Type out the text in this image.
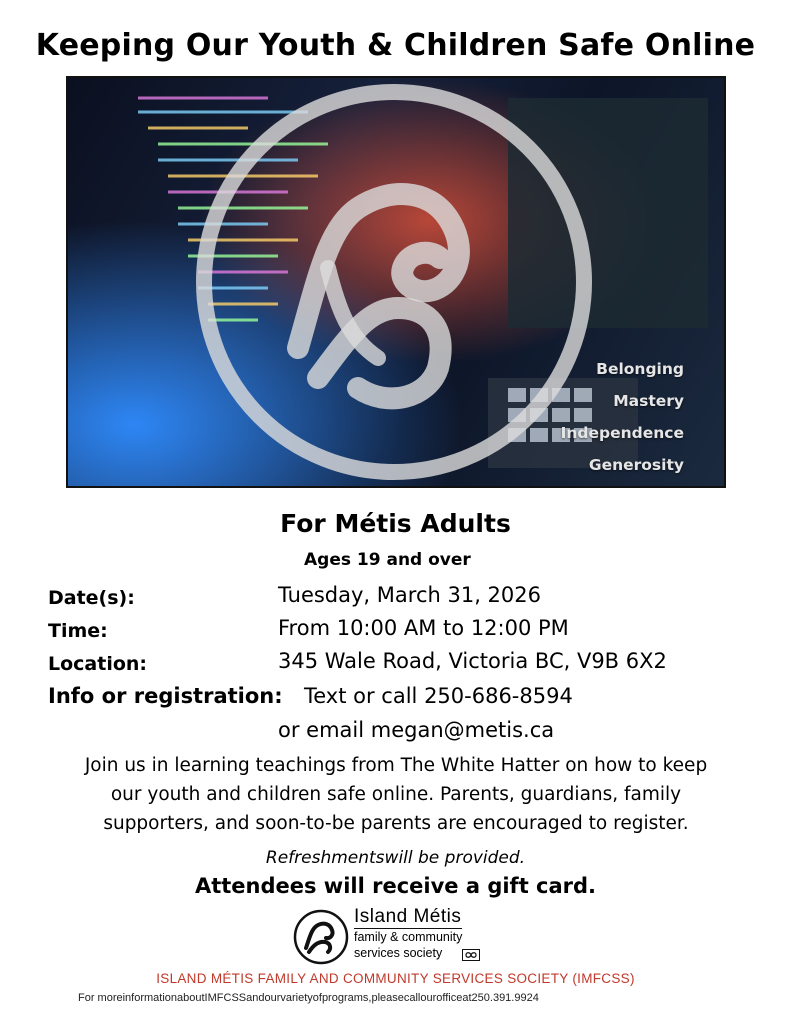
Keeping Our Youth & Children Safe Online
Belonging
Mastery
Independence
Generosity
For Métis Adults
Ages 19 and over
Date(s):	Tuesday, March 31, 2026
Time:	From 10:00 AM to 12:00 PM
Location:	345 Wale Road, Victoria BC, V9B 6X2
Info or registration: Text or call 250-686-8594
or email megan@metis.ca
Join us in learning teachings from The White Hatter on how to keep
our youth and children safe online. Parents, guardians, family
supporters, and soon-to-be parents are encouraged to register.
Refreshmentswill be provided.
Attendees will receive a gift card.
Island Métis
family & community
services society
ISLAND MÉTIS FAMILY AND COMMUNITY SERVICES SOCIETY (IMFCSS)
For moreinformationaboutIMFCSSandourvarietyofprograms,pleasecallourofficeat250.391.9924
